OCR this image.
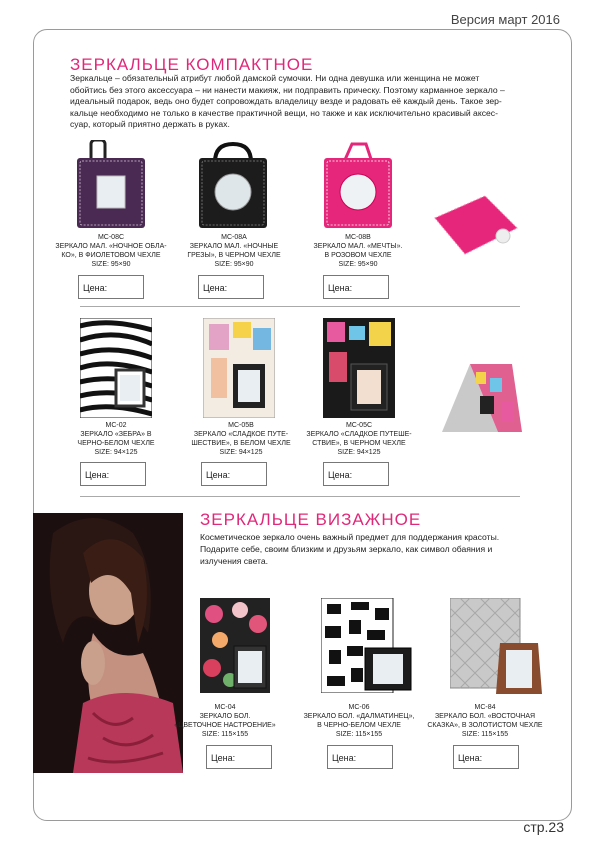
Версия март 2016
ЗЕРКАЛЬЦЕ КОМПАКТНОЕ
Зеркальце – обязательный атрибут любой дамской сумочки. Ни одна девушка или женщина не может
обойтись без этого аксессуара – ни нанести макияж, ни подправить прическу. Поэтому карманное зеркало –
идеальный подарок, ведь оно будет сопровождать владелицу везде и радовать её каждый день. Такое зер-
кальце необходимо не только в качестве практичной вещи, но также и как исключительно красивый аксес-
суар, который приятно держать в руках.
MC-08C
ЗЕРКАЛО МАЛ. «НОЧНОЕ ОБЛА-
КО», В ФИОЛЕТОВОМ ЧЕХЛЕ
SIZE: 95×90
MC-08A
ЗЕРКАЛО МАЛ. «НОЧНЫЕ
ГРЕЗЫ», В ЧЕРНОМ ЧЕХЛЕ
SIZE: 95×90
MC-08B
ЗЕРКАЛО МАЛ. «МЕЧТЫ».
В РОЗОВОМ ЧЕХЛЕ
SIZE: 95×90
Цена:	Цена:	Цена:
MC-02
ЗЕРКАЛО «ЗЕБРА» В
ЧЕРНО-БЕЛОМ ЧЕХЛЕ
SIZE: 94×125
MC-05B
ЗЕРКАЛО «СЛАДКОЕ ПУТЕ-
ШЕСТВИЕ», В БЕЛОМ ЧЕХЛЕ
SIZE: 94×125
MC-05C
ЗЕРКАЛО «СЛАДКОЕ ПУТЕШЕ-
СТВИЕ», В ЧЕРНОМ ЧЕХЛЕ
SIZE: 94×125
Цена:	Цена:	Цена:
ЗЕРКАЛЬЦЕ ВИЗАЖНОЕ
Косметическое зеркало очень важный предмет для поддержания красоты.
Подарите себе, своим близким и друзьям зеркало, как символ обаяния и
излучения света.
MC-04
ЗЕРКАЛО БОЛ.
«ЦВЕТОЧНОЕ НАСТРОЕНИЕ»
SIZE: 115×155
MC-06
ЗЕРКАЛО БОЛ. «ДАЛМАТИНЕЦ»,
В ЧЕРНО-БЕЛОМ ЧЕХЛЕ
SIZE: 115×155
MC-84
ЗЕРКАЛО БОЛ. «ВОСТОЧНАЯ
СКАЗКА», В ЗОЛОТИСТОМ ЧЕХЛЕ
SIZE: 115×155
Цена:	Цена:	Цена:
стр.23
